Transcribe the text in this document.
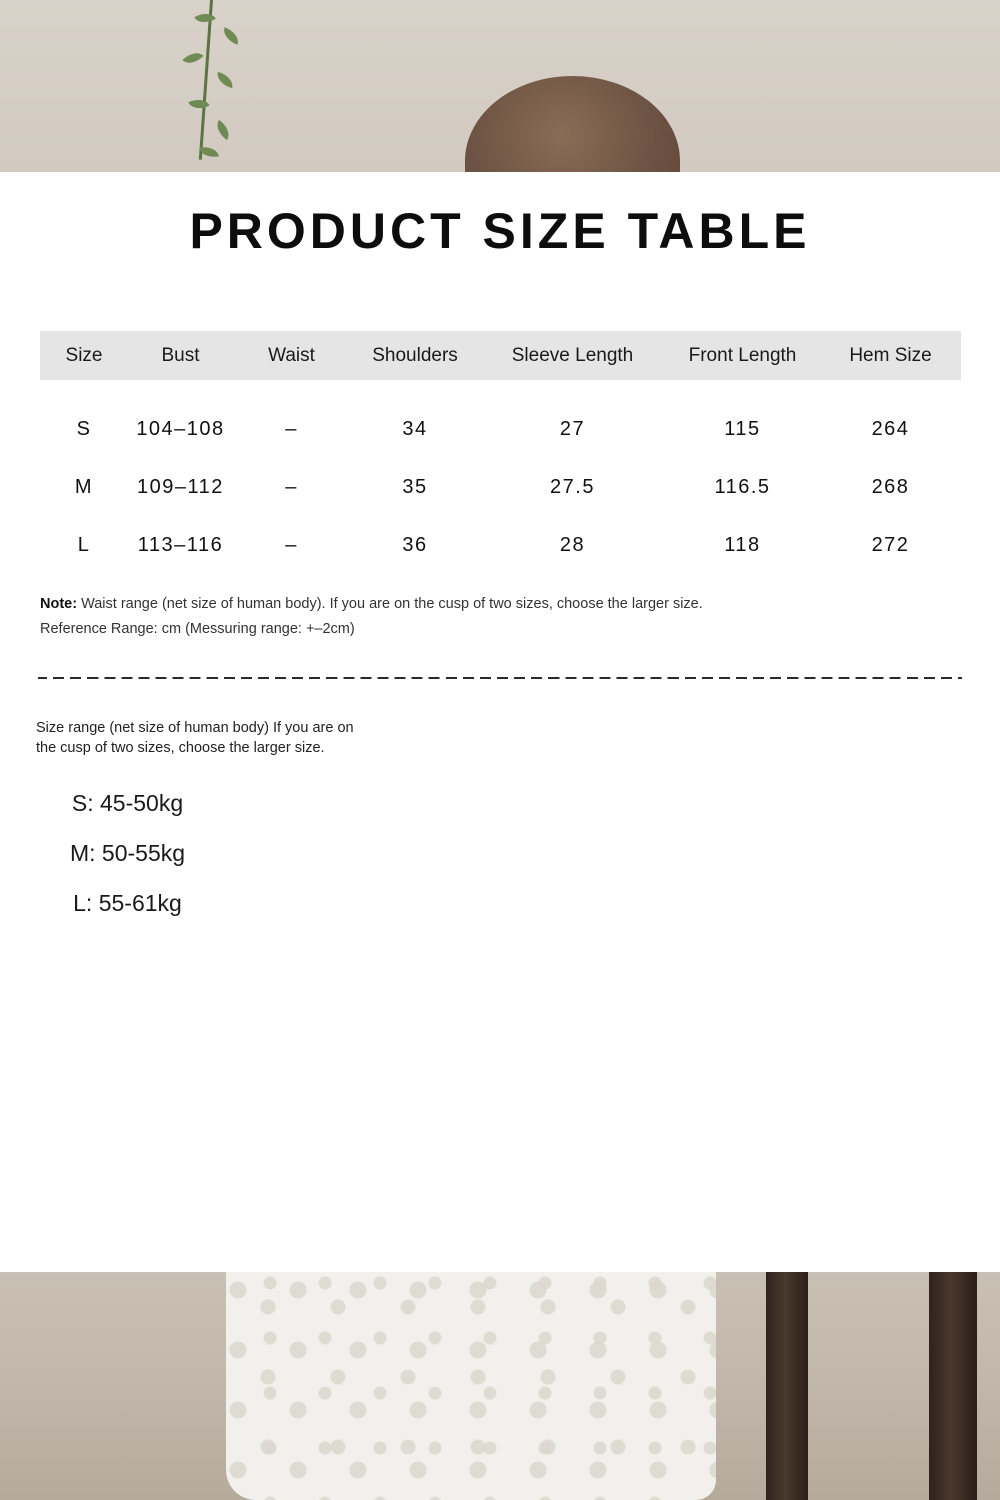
PRODUCT SIZE TABLE
Size	Bust	Waist	Shoulders	Sleeve Length	Front Length	Hem Size

S	104–108	–	34	27	115	264
M	109–112	–	35	27.5	116.5	268
L	113–116	–	36	28	118	272
Note: Waist range (net size of human body). If you are on the cusp of two sizes, choose the larger size.
Reference Range: cm (Messuring range: +–2cm)
Size range (net size of human body) If you are on the cusp of two sizes, choose the larger size.
S: 45-50kg
M: 50-55kg
L: 55-61kg
